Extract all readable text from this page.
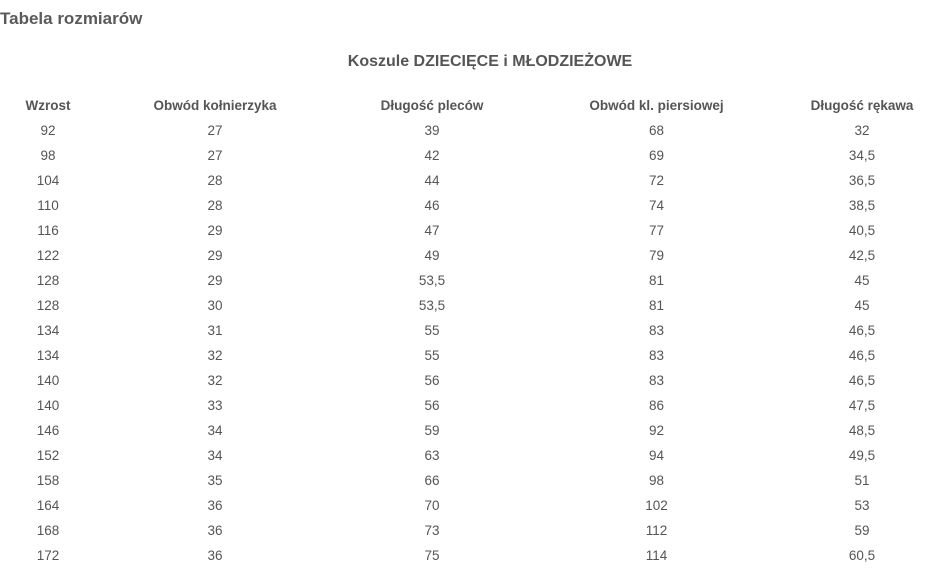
Tabela rozmiarów
Koszule DZIECIĘCE i MŁODZIEŻOWE
Wzrost	Obwód kołnierzyka	Długość pleców	Obwód kl. piersiowej	Długość rękawa
92	27	39	68	32
98	27	42	69	34,5
104	28	44	72	36,5
110	28	46	74	38,5
116	29	47	77	40,5
122	29	49	79	42,5
128	29	53,5	81	45
128	30	53,5	81	45
134	31	55	83	46,5
134	32	55	83	46,5
140	32	56	83	46,5
140	33	56	86	47,5
146	34	59	92	48,5
152	34	63	94	49,5
158	35	66	98	51
164	36	70	102	53
168	36	73	112	59
172	36	75	114	60,5
